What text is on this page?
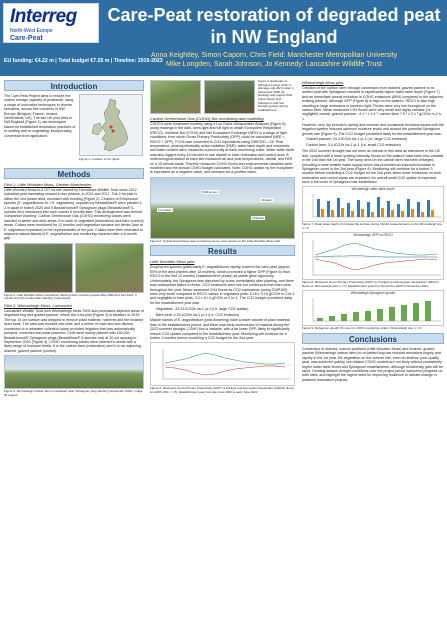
Interreg
North-West Europe
Care-Peat
EU funding: €4.22 m | Total budget €7.55 m | Timeline: 2019-2023
Care-Peat restoration of degraded peat in NW England
Anna Keightley, Simon Caporn, Chris Field: Manchester Metropolitan University
Mike Longden, Sarah Johnson, Jo Kennedy: Lancashire Wildlife Trust
Introduction
The Care-Peat Project aims to restore the carbon storage capacity of peatlands, using a range of innovative techniques in diverse scenarios, across five countries in NW Europe (Belgium, France, Ireland, Netherlands, UK). The two UK pilot sites in NW England (Figure 1) use techniques based on established restoration practices of re-wetting and re-vegetating, incorporating conversion from agriculture.
Figure 1. Location of UK pilots.
Methods
Pilot 1: Little Woolden Moss, Greater Manchester
Little Woolden Moss is a 107-ha site owned by Lancashire Wildlife Trust since 2012. Industrial peat harvesting ceased in two phases, in 2012 and 2017. The 2-ha pilot is within the 2nd phase area, enclosed with bunding (Figure 2). Clusters of Eriophorum species (E. angustifolium to 1 E. vaginatum), supplied by BeadaMoss® were planted 1-2 m apart in March 2020 and 5 BeadaHumok® Sphagnum plugs (BeadaMoss® 5-species mix) introduced into each cluster 6 months later. This arrangement was termed 'companion planting'. Carbon Greenhouse Gas (CGHG) monitoring collars were inserted in wetter and drier areas, 6 in each of vegetated (restoration) and bare (control) areas. Collars were monitored for 12 months until vegetation became too dense (due to E. vaginatum expansion) to be representative of the plot. Collars were then relocated to adjacent natural stands of E. angustifolium and monitoring resumed after a 6-month gap.
Figure 2. Little Woolden Moss companion planting with monitoring areas May 2020 and July 2021, 3 months and 16 months after planting, respectively.
Pilot 2: Winmarleigh Moss, Lancashire
Lancashire Wildlife Trust own Winmarleigh Moss SSSI and purchased adjacent areas of degraded bog and grazed pasture, where the 4-ha pilot (Figure 3) is situated, in 2019. The top 10 cm surface was stripped to remove plant material, nutrients and the invasive seed bank. The area was bunded into cells, and a series of main and sub-ditches connected to a rainwater collection sump provided irrigation that was automatically pumped, controlled and solar-powered. Cells were mainly planted with 150,000 BeadaHumok® Sphagnum plugs (BeadaMoss® 5-species mix) at 20 cm spacing in September 2020 (Figure 4). CGHG monitoring collars were inserted in areas with a likely range of moisture levels: 6 in the carbon farm (restoration) and 6 on an adjoining drained, grazed pasture (control).
Figure 3. Winmarleigh Carbon farm immediately after Sphagnum plug planting (September 2020), image 25 August.
Figure 4. Examples of Sphagnum plugs within a drainage sub-ditch collar in September 2020 (at planting) and August 2021 (right) shown and Sphagnum and fork bordering plugs during establishment.
Carbon Greenhouse Gas (CGHG) flux monitoring and modelling
CGHG's were measured monthly using a Los Gatos Ultraportable Analyser (Figure 5), using readings in the dark, semi-light and full light to obtain Ecosystem Respiration (RECO), methane flux (FCH4) and Net Ecosystem Exchange (NEE) in a range of light conditions, from which Gross Primary Productivity (GPP) could be calculated (NEE = RECO + GPP). FCH4 was converted to CO2 equivalents using GWP100 = 28. Peat temperature, photosynthetically active radiation (PAR), water table depth and volumetric soil water content were measured concurrently at each monitoring collar. Water table depth was also logged every 15 minutes in one dipwell in each restoration and control area. A meteorological station at each site measured air and peat temperatures, rainfall, and PAR on a 15-minute basis. Thereby measured CGHG fluxes and environmental variables were modelled and the annual CGHG budget calculated. Note: CGHG uptake by the ecosystem is expressed as a negative value, and emission as a positive value.
Los Gatos
PAR sensor
Chamber
Dipwell
Figure 5. Typical Greenhouse Gas monitoring set-up, here shown on the Little Woolden Moss pilot.
Results
Little Woolden Moss pilot
Eriophorum species (particularly E. angustifolium) rapidly covered the bare peat (approx. 50% of the area planted after 18 months), which promoted a higher GPP (Figure 6) than RECO in the first 12 months ('establishment' phase) as plants grew vigorously. Unfortunately, the Sphagnum was disturbed by crows immediately after planting, and there was widespread failure to thrive. CO2 emissions were low but continuous from bare peat throughout the year. Mean measured CH4 fluxes as CO2 equivalents (using GWP100) were very small compared to RECO values in vegetated plots: 0.16 ± 0.16 gCO2e m-2 hr-1 and negligible in bare plots: 3.2 x 10-4 gCO2e m-2 hr-1. The CO2 budget (modelled data) for the establishment year was:
Vegetated: -33.23 tCO2e ha-1 yr-1 (i.e. large CO2 uptake)
Bare peat: 4.25 tCO2e ha-1 yr-1 (i.e. CO2 emission)
Mature stands of E. angustifolium (post-flowering) have a lower volume of plant material than in the establishment period, and there was early senescence of material during the 2022 summer drought. CGHG flux is variable, with a far lower GPP, likely to significantly reduce CO2 uptake compared to the establishment year. Monitoring will continue for a further 3 months before modelling a CO2 budget for the 2nd year.
Figure 6. Measured Gross Primary Productivity (GPP) vs full light and Ecosystem Respiration (RECO) fluxes on LWM (vWs > = 5). Establishment year from late June 2020 to early June 2021.
Winmarleigh Moss pilot
Creation of the 'carbon farm' through conversion from drained, grazed pasture to re-wetted peat with Sphagnum resulted in significantly higher water table depth (Figure 7) and an immediate annual reduction in CGHG emissions (86%) compared to the adjacent existing pasture. Although GPP (Figure 8) is high on the pasture, RECO is also high resulting in large emissions in low/zero light. Fluxes were very low throughout on the carbon farm. Mean measured CH4 fluxes were very small and highly variable (i.e. negligible) overall; grazed pasture: -4.1 * ± 1.4 ³, carbon farm 7.9 ¹ ± 2.1 ³ gCO2e m-2 h-1.
However, very dry periods in spring and summer and occasional technical issues with the irrigation system reduced optimum moisture levels and slowed the potential Sphagnum growth rate (Figure 9). The CO2 budget (modelled data) for the establishment year was:
Grazed pasture: 24.4 tCO2e ha-1 yr-1 (i.e. large CO2 emission)
Carbon farm: 3.4 tCO2e ha-1 yr-1 (i.e. small CO2 emission)
The 2022 summer drought has not been as intense in this area as elsewhere in the UK and, coupled with a lower grazing intensity, fluxes on the pasture have been less variable in the 2nd than the 1st year. The sump area on the carbon farm has been enlarged, providing a more reliable water supply which has promoted an improved increase in Sphagnum cover in the 2nd year (Figure 9). Monitoring will continue for a further 3 months before modelling a CO2 budget for the 2nd year, when lower emissions on both restoration and control areas are expected. An overall small CO2 uptake is expected once a full cover of Sphagnum has established.
Winmarleigh water table depth
Figure 7. Mean water depth (cm) below the surface during CGHG measurements on the Winmarleigh site. n = 6.
Winmarleigh GPP vs RECO
Figure 8. Measured Gross Primary Productivity (GPP) (in full light) and Ecosystem Respiration (RECO) fluxes on Winmarleigh pilot; n = 6. Establishment year from November 2020 to November 2021.
Winmarleigh Sphagnum growth
Figure 9. Sphagnum growth (% cover) in 100% monitoring collars, Winmarleigh site. n = 6.
Conclusions
Conversion of drained, cutover peatland (Little Woolden Moss) and drained, grazed pasture (Winmarleigh carbon farm) to re-wetted bog has reduced emissions hugely and rapidly in the 1st year. Re-vegetation on the cutover site, even on shallow, poor-quality peat, was achieved quickly, but reliable CGHG models are not likely without consistently higher water table levels and Sphagnum establishment, although biodiversity gain will be rapid. Growing-season drought conditions over the project period hampered progress on both sites, and highlight the urgent need for improving resilience to climate change in peatland restoration projects.
